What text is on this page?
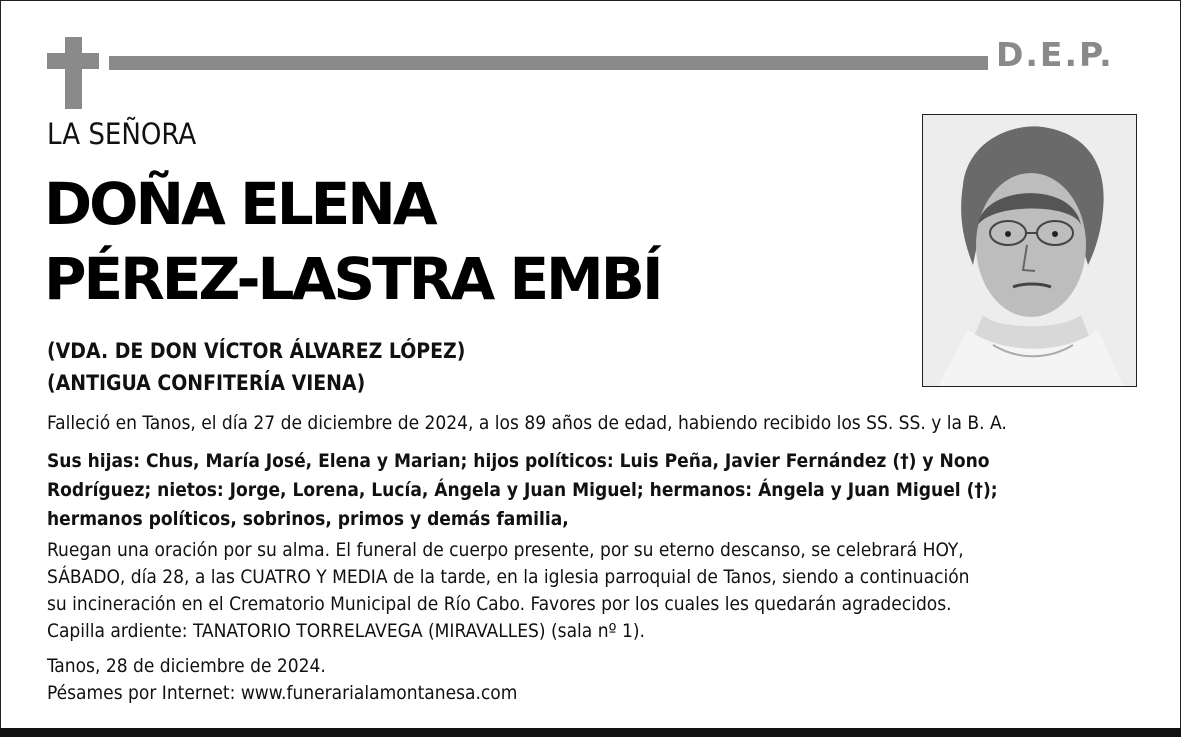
D.E.P.
LA SEÑORA
DOÑA ELENA
PÉREZ-LASTRA EMBÍ
(VDA. DE DON VÍCTOR ÁLVAREZ LÓPEZ)
(ANTIGUA CONFITERÍA VIENA)
Falleció en Tanos, el día 27 de diciembre de 2024, a los 89 años de edad, habiendo recibido los SS. SS. y la B. A.
Sus hijas: Chus, María José, Elena y Marian; hijos políticos: Luis Peña, Javier Fernández (†) y Nono
Rodríguez; nietos: Jorge, Lorena, Lucía, Ángela y Juan Miguel; hermanos: Ángela y Juan Miguel (†);
hermanos políticos, sobrinos, primos y demás familia,
Ruegan una oración por su alma. El funeral de cuerpo presente, por su eterno descanso, se celebrará HOY,
SÁBADO, día 28, a las CUATRO Y MEDIA de la tarde, en la iglesia parroquial de Tanos, siendo a continuación
su incineración en el Crematorio Municipal de Río Cabo. Favores por los cuales les quedarán agradecidos.
Capilla ardiente: TANATORIO TORRELAVEGA (MIRAVALLES) (sala nº 1).
Tanos, 28 de diciembre de 2024.
Pésames por Internet: www.funerarialamontanesa.com
